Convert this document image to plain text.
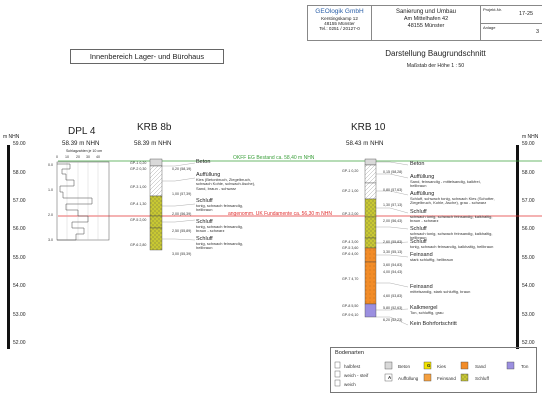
GEOlogik GmbH
Kerstingskamp 12
48155 Münster
Tel.: 0251 / 20127-0
Sanierung und Umbau
Am Mittelhafen 42
48155 Münster
Projekt-Nr.
17-25
Anlage
3
Innenbereich Lager- und Bürohaus	Darstellung Baugrundschnitt
Maßstab der Höhe 1 : 50
m NHN
59.00
58.00
57.00
56.00
55.00
54.00
53.00
52.00
m NHN
59.00
58.00
57.00
56.00
55.00
54.00
53.00
52.00
OKFF EG Bestand ca. 58,40 m NHN
angenomm. UK Fundamente ca. 56,30 m NHN
DPL 4
58.39 m NHN
Schlagzahlen je 10 cm
0 10 20 30 40
0.0
1.0
2.0
3.0
KRB 8b
58.39 m NHN
GP-1 0,20
GP-2 0,30
GP-3 1,00
GP-4 1,30
GP-5 2,00
GP-6 2,80
0,20 (58,19)
1,00 (57,39)
2,00 (56,39)
2,50 (55,89)
3,00 (55,39)
Beton
Auffüllung
Kies (Betonbruch, Ziegelbruch,
schwach Kohle, schwach Asche),
Sand, braun - schwarz
Schluff
tonig, schwach feinsandig,
hellbraun
Schluff
tonig, schwach feinsandig,
braun - schwarz
Schluff
tonig, schwach feinsandig,
hellbraun
KRB 10
58.43 m NHN
GP-1 0,20
GP-2 1,00
GP-3 2,00
GP-4 3,00
GP-5 3,60
GP-6 4,00
GP-7 4,70
GP-8 5,50
GP-9 6,10
0,15 (58,28)
0,80 (57,63)
1,30 (57,13)
2,00 (56,43)
2,60 (55,83)
3,30 (55,13)
3,60 (54,83)
4,00 (54,43)
4,60 (53,83)
5,80 (52,63)
6,20 (52,23)
Beton
Auffüllung
Sand, feinsandig - mittelsandig, kalkfrei,
hellbraun
Auffüllung
Schluff, schwach tonig, schwach Kies (Schotter,
Ziegelbruch, Kohle, Asche), grau - schwarz
Schluff
schwach tonig, schwach feinsandig, kalkhaltig,
braun - schwarz
Schluff
schwach tonig, schwach feinsandig, kalkhaltig,
hellbraun
Schluff
tonig, schwach feinsandig, kalkhaltig, hellbraun
Feinsand
stark schluffig, hellbraun
Feinsand
mittelsandig, stark schluffig, braun
Kalkmergel
Ton, schluffig, grau
Kein Bohrfortschritt
Bodenarten
halbfest
weich - steif
weich
Beton	Kies	Sand	Ton
Auffüllung	Feinsand	Schluff
G
A
